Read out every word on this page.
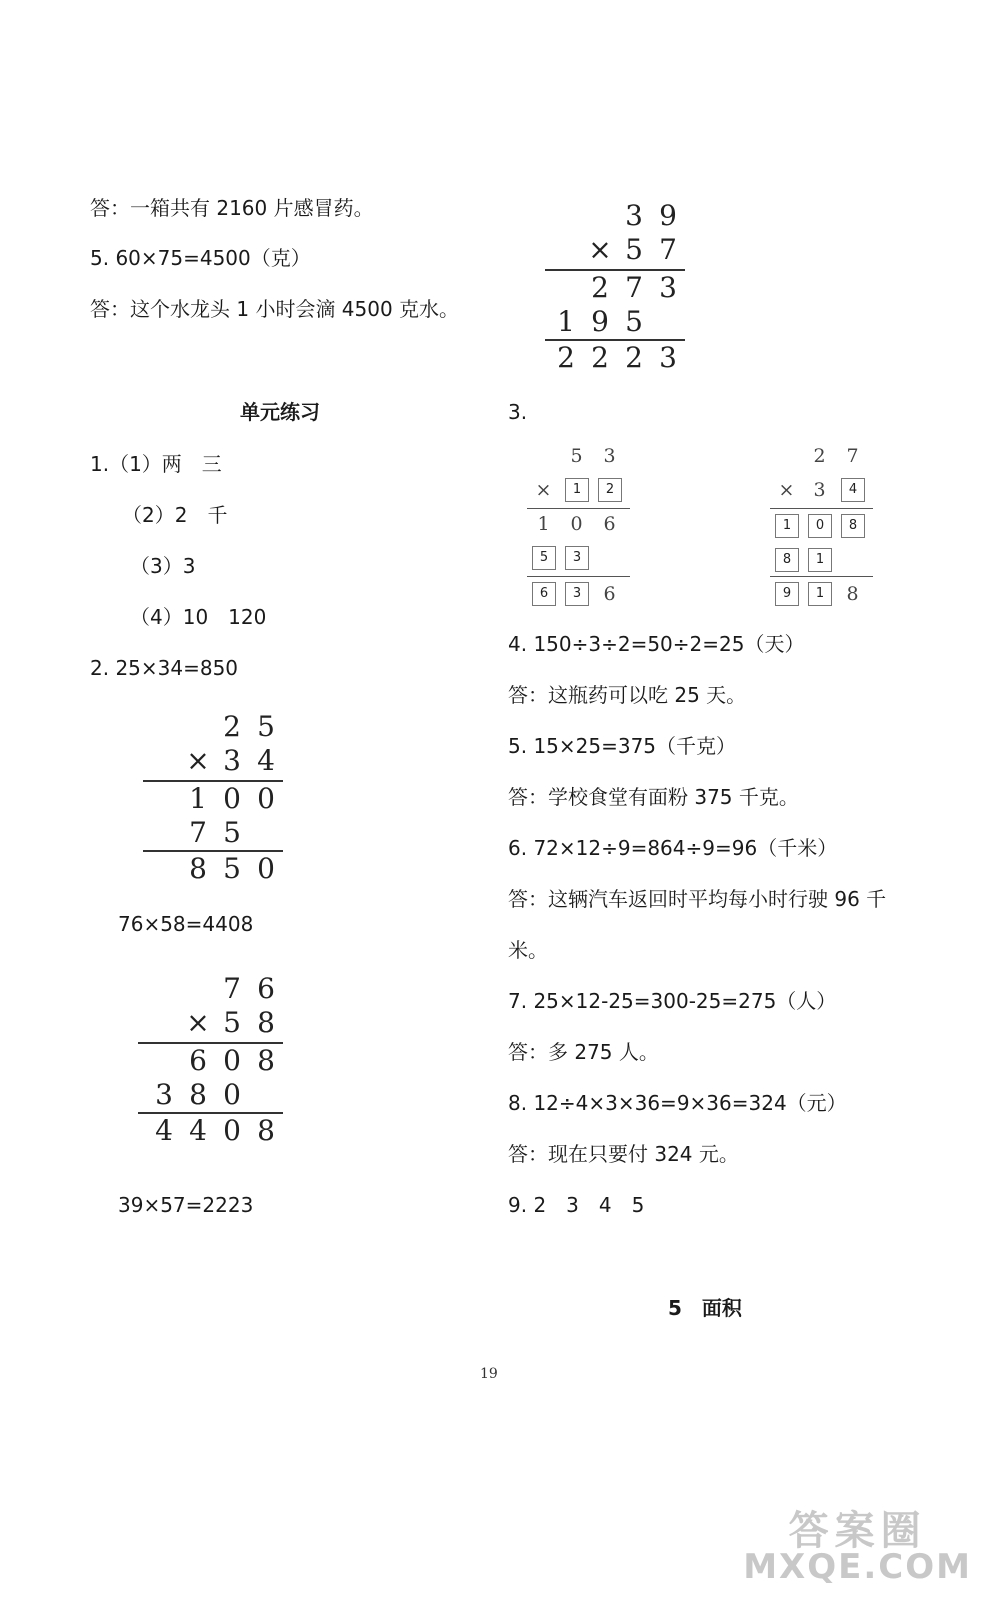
答：一箱共有 2160 片感冒药。
5. 60×75=4500（克）
答：这个水龙头 1 小时会滴 4500 克水。
单元练习
1.（1）两　三
（2）2　千
（3）3
（4）10　120
2. 25×34=850
2 5
× 3 4
1 0 0
7 5
8 5 0
76×58=4408
7 6
× 5 8
6 0 8
3 8 0
4 4 0 8
39×57=2223
3 9
× 5 7
2 7 3
1 9 5
2 2 2 3
3.
5	3
×	1	2
1	0	6
5	3
6	3	6
2	7
×	3	4
1	0	8
8	1
9	1	8
4. 150÷3÷2=50÷2=25（天）
答：这瓶药可以吃 25 天。
5. 15×25=375（千克）
答：学校食堂有面粉 375 千克。
6. 72×12÷9=864÷9=96（千米）
答：这辆汽车返回时平均每小时行驶 96 千
米。
7. 25×12-25=300-25=275（人）
答：多 275 人。
8. 12÷4×3×36=9×36=324（元）
答：现在只要付 324 元。
9. 2　3　4　5
5　面积
19
答案圈
MXQE.COM
